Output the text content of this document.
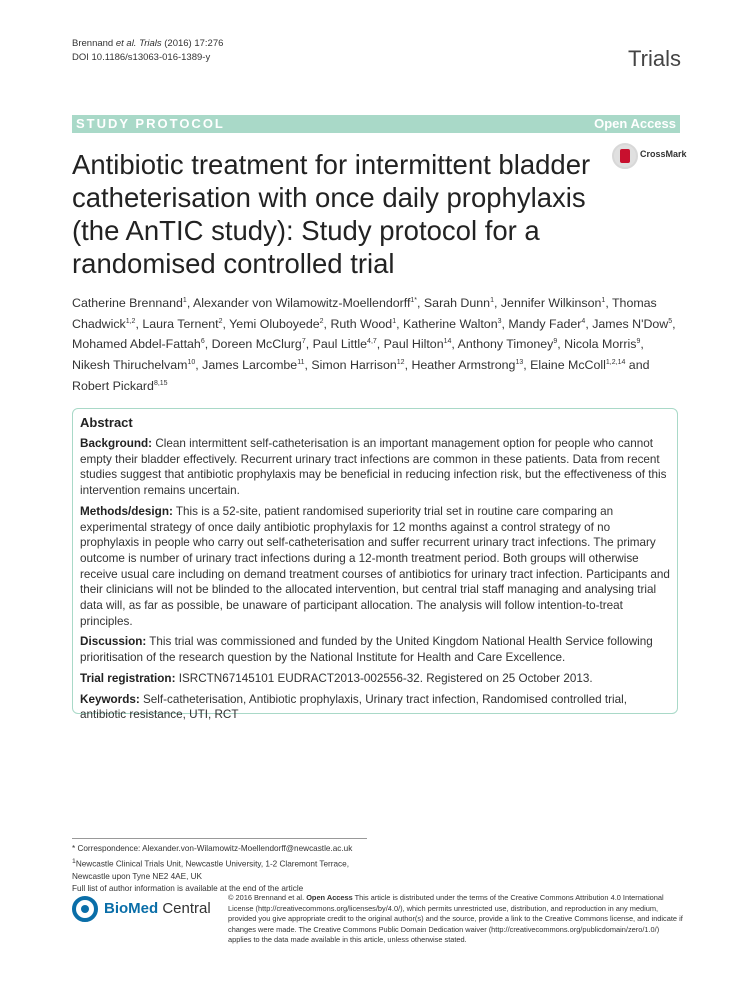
Brennand et al. Trials (2016) 17:276
DOI 10.1186/s13063-016-1389-y	Trials
STUDY PROTOCOL	Open Access
Antibiotic treatment for intermittent bladder catheterisation with once daily prophylaxis (the AnTIC study): Study protocol for a randomised controlled trial
CrossMark
Catherine Brennand$^1$, Alexander von Wilamowitz-Moellendorff$^{1*}$, Sarah Dunn$^1$, Jennifer Wilkinson$^1$, Thomas Chadwick$^{1,2}$, Laura Ternent$^2$, Yemi Oluboyede$^2$, Ruth Wood$^1$, Katherine Walton$^3$, Mandy Fader$^4$, James N'Dow$^5$, Mohamed Abdel-Fattah$^6$, Doreen McClurg$^7$, Paul Little$^{4,7}$, Paul Hilton$^{14}$, Anthony Timoney$^9$, Nicola Morris$^9$, Nikesh Thiruchelvam$^{10}$, James Larcombe$^{11}$, Simon Harrison$^{12}$, Heather Armstrong$^{13}$, Elaine McColl$^{1,2,14}$ and Robert Pickard$^{8,15}$
Abstract

Background: Clean intermittent self-catheterisation is an important management option for people who cannot empty their bladder effectively. Recurrent urinary tract infections are common in these patients. Data from recent studies suggest that antibiotic prophylaxis may be beneficial in reducing infection risk, but the effectiveness of this intervention remains uncertain.

Methods/design: This is a 52-site, patient randomised superiority trial set in routine care comparing an experimental strategy of once daily antibiotic prophylaxis for 12 months against a control strategy of no prophylaxis in people who carry out self-catheterisation and suffer recurrent urinary tract infections. The primary outcome is number of urinary tract infections during a 12-month treatment period. Both groups will otherwise receive usual care including on demand treatment courses of antibiotics for urinary tract infection. Participants and their clinicians will not be blinded to the allocated intervention, but central trial staff managing and analysing trial data will, as far as possible, be unaware of participant allocation. The analysis will follow intention-to-treat principles.

Discussion: This trial was commissioned and funded by the United Kingdom National Health Service following prioritisation of the research question by the National Institute for Health and Care Excellence.

Trial registration: ISRCTN67145101 EUDRACT2013-002556-32. Registered on 25 October 2013.

Keywords: Self-catheterisation, Antibiotic prophylaxis, Urinary tract infection, Randomised controlled trial, antibiotic resistance, UTI, RCT

* Correspondence: Alexander.von-Wilamowitz-Moellendorff@newcastle.ac.uk
$^1$Newcastle Clinical Trials Unit, Newcastle University, 1-2 Claremont Terrace,
Newcastle upon Tyne NE2 4AE, UK
Full list of author information is available at the end of the article
BioMed Central
© 2016 Brennand et al. Open Access This article is distributed under the terms of the Creative Commons Attribution 4.0 International License (http://creativecommons.org/licenses/by/4.0/), which permits unrestricted use, distribution, and reproduction in any medium, provided you give appropriate credit to the original author(s) and the source, provide a link to the Creative Commons license, and indicate if changes were made. The Creative Commons Public Domain Dedication waiver (http://creativecommons.org/publicdomain/zero/1.0/) applies to the data made available in this article, unless otherwise stated.
